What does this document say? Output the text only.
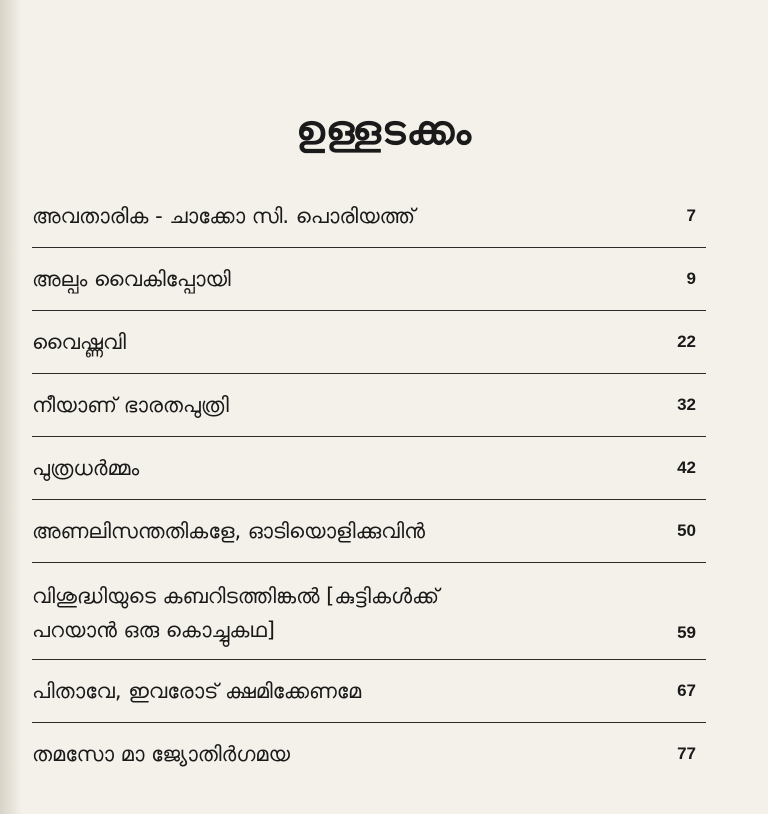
ഉള്ളടക്കം
അവതാരിക - ചാക്കോ സി. പൊരിയത്ത്	7
അല്പം വൈകിപ്പോയി	9
വൈഷ്ണവി	22
നീയാണ് ഭാരതപുത്രി	32
പുത്രധർമ്മം	42
അണലിസന്തതികളേ, ഓടിയൊളിക്കുവിൻ	50
വിശുദ്ധിയുടെ കബറിടത്തിങ്കൽ [കുട്ടികൾക്ക്
പറയാൻ ഒരു കൊച്ചുകഥ]	59
പിതാവേ, ഇവരോട് ക്ഷമിക്കേണമേ	67
തമസോ മാ ജ്യോതിർഗമയ	77
